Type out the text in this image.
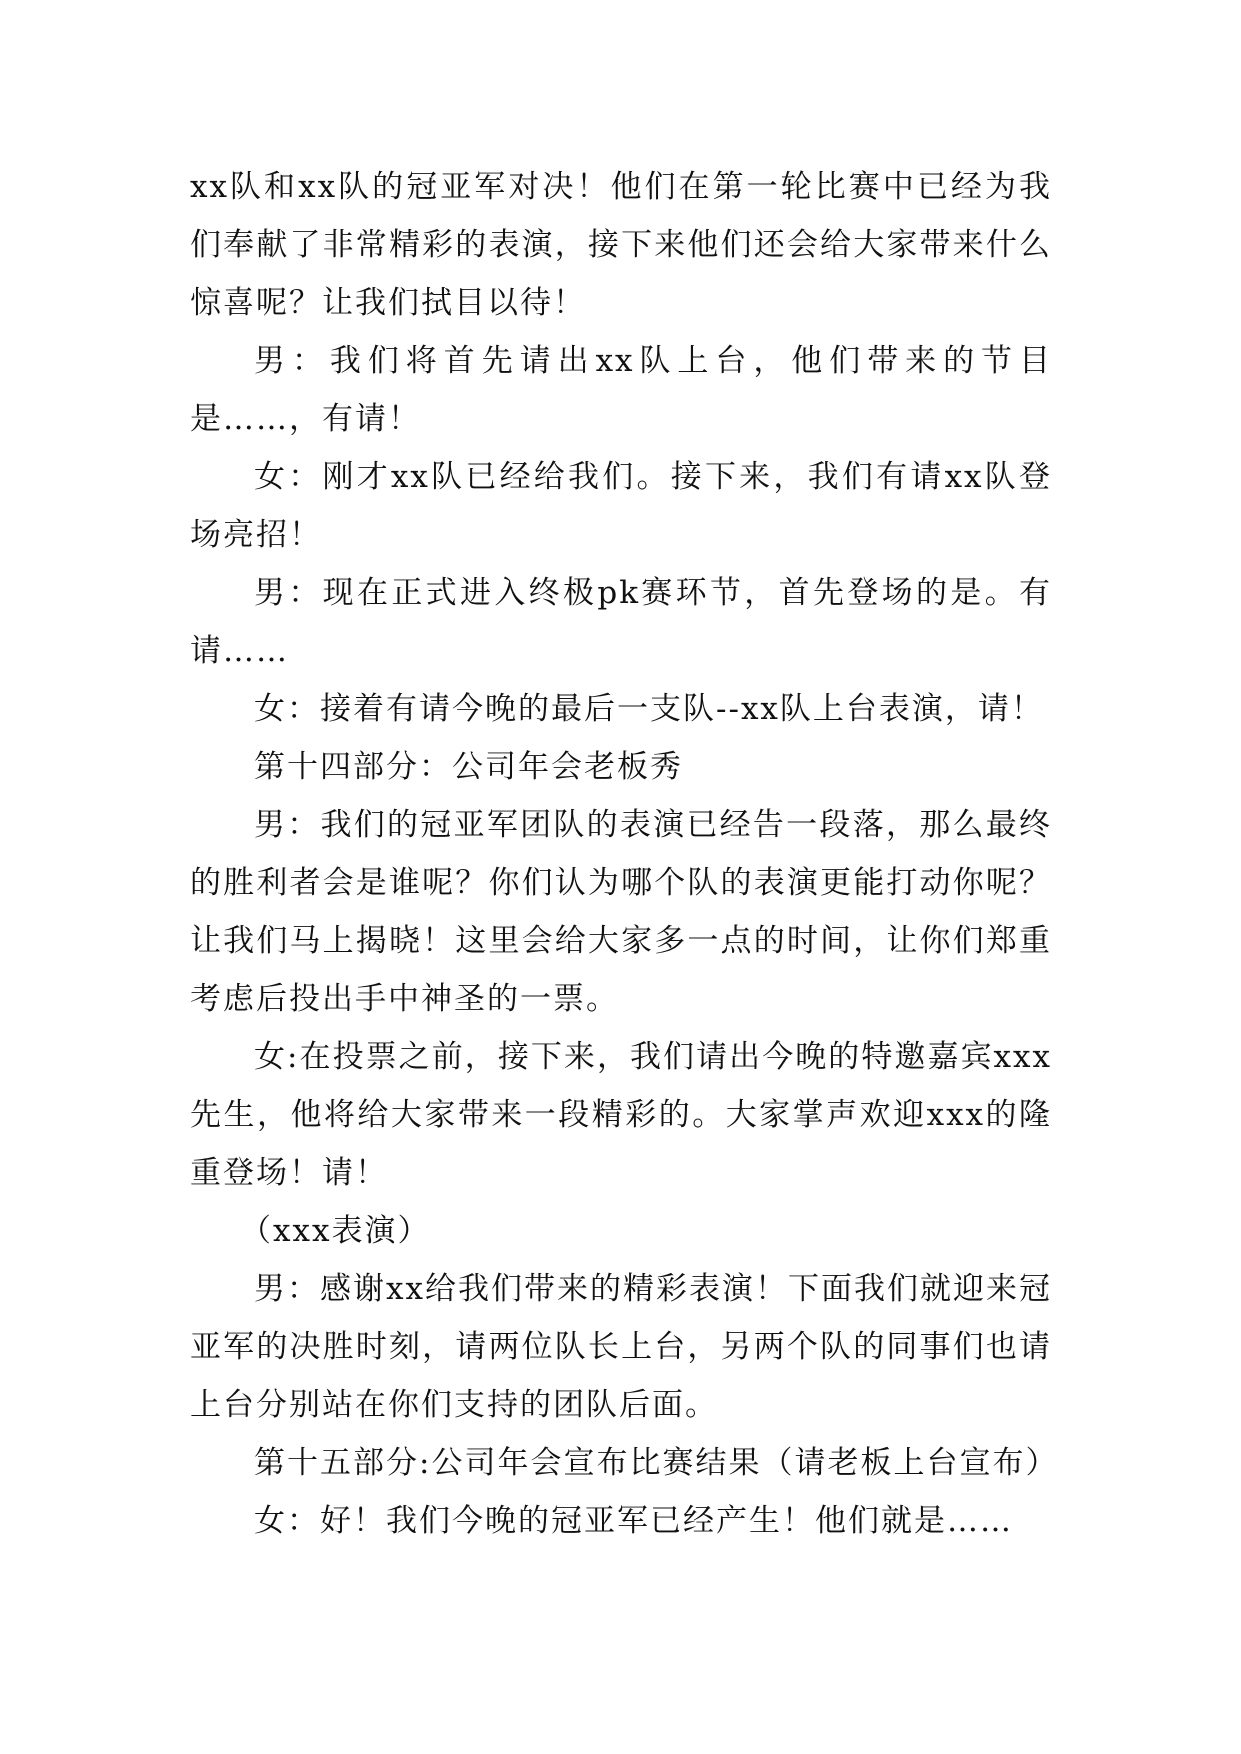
xx队和xx队的冠亚军对决！他们在第一轮比赛中已经为我们奉献了非常精彩的表演，接下来他们还会给大家带来什么惊喜呢？让我们拭目以待！

男：我们将首先请出xx队上台，他们带来的节目是……，有请！

女：刚才xx队已经给我们。接下来，我们有请xx队登场亮招！

男：现在正式进入终极pk赛环节，首先登场的是。有请……

女：接着有请今晚的最后一支队--xx队上台表演，请！

第十四部分：公司年会老板秀

男：我们的冠亚军团队的表演已经告一段落，那么最终的胜利者会是谁呢？你们认为哪个队的表演更能打动你呢？让我们马上揭晓！这里会给大家多一点的时间，让你们郑重考虑后投出手中神圣的一票。

女:在投票之前，接下来，我们请出今晚的特邀嘉宾xxx先生，他将给大家带来一段精彩的。大家掌声欢迎xxx的隆重登场！请！

（xxx表演）

男：感谢xx给我们带来的精彩表演！下面我们就迎来冠亚军的决胜时刻，请两位队长上台，另两个队的同事们也请上台分别站在你们支持的团队后面。

第十五部分:公司年会宣布比赛结果（请老板上台宣布）

女：好！我们今晚的冠亚军已经产生！他们就是……
